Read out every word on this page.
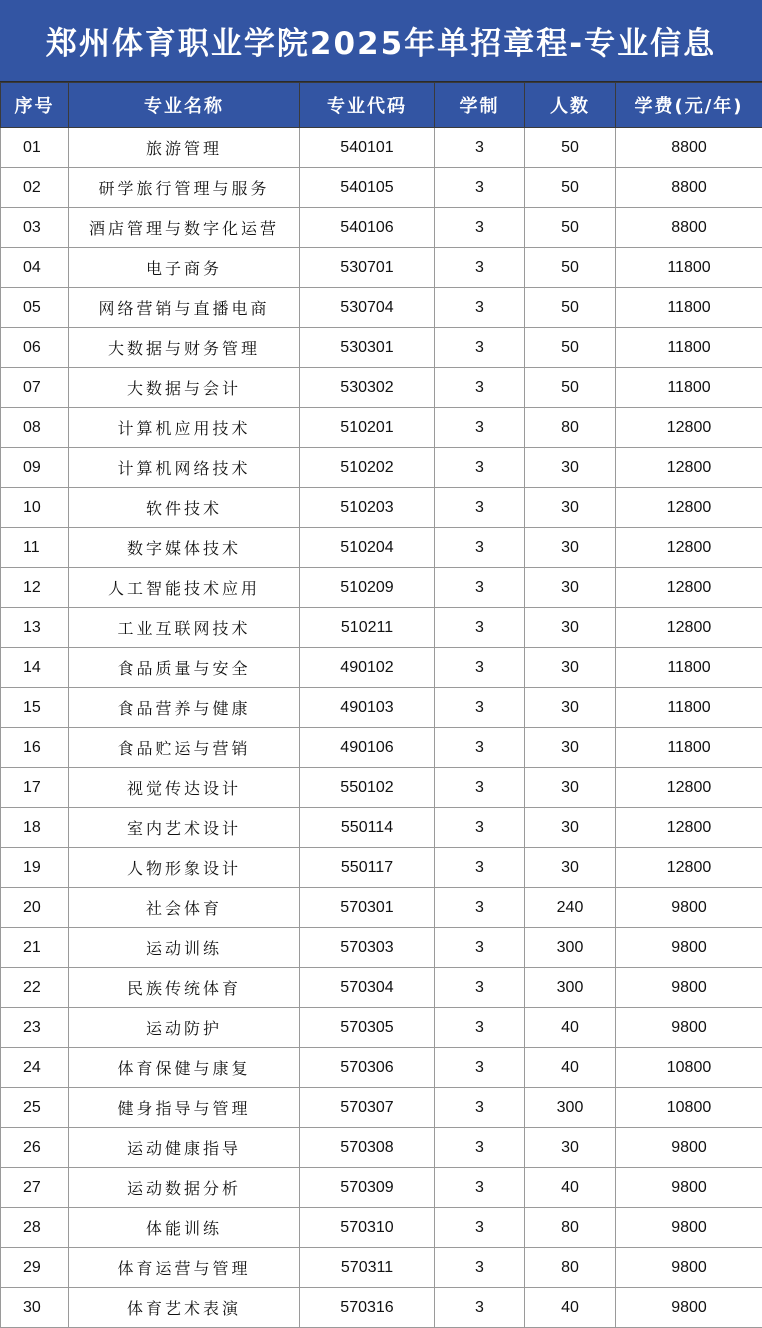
郑州体育职业学院2025年单招章程-专业信息
序号	专业名称	专业代码	学制	人数	学费(元/年)
01	旅游管理	540101	3	50	8800
02	研学旅行管理与服务	540105	3	50	8800
03	酒店管理与数字化运营	540106	3	50	8800
04	电子商务	530701	3	50	11800
05	网络营销与直播电商	530704	3	50	11800
06	大数据与财务管理	530301	3	50	11800
07	大数据与会计	530302	3	50	11800
08	计算机应用技术	510201	3	80	12800
09	计算机网络技术	510202	3	30	12800
10	软件技术	510203	3	30	12800
11	数字媒体技术	510204	3	30	12800
12	人工智能技术应用	510209	3	30	12800
13	工业互联网技术	510211	3	30	12800
14	食品质量与安全	490102	3	30	11800
15	食品营养与健康	490103	3	30	11800
16	食品贮运与营销	490106	3	30	11800
17	视觉传达设计	550102	3	30	12800
18	室内艺术设计	550114	3	30	12800
19	人物形象设计	550117	3	30	12800
20	社会体育	570301	3	240	9800
21	运动训练	570303	3	300	9800
22	民族传统体育	570304	3	300	9800
23	运动防护	570305	3	40	9800
24	体育保健与康复	570306	3	40	10800
25	健身指导与管理	570307	3	300	10800
26	运动健康指导	570308	3	30	9800
27	运动数据分析	570309	3	40	9800
28	体能训练	570310	3	80	9800
29	体育运营与管理	570311	3	80	9800
30	体育艺术表演	570316	3	40	9800
